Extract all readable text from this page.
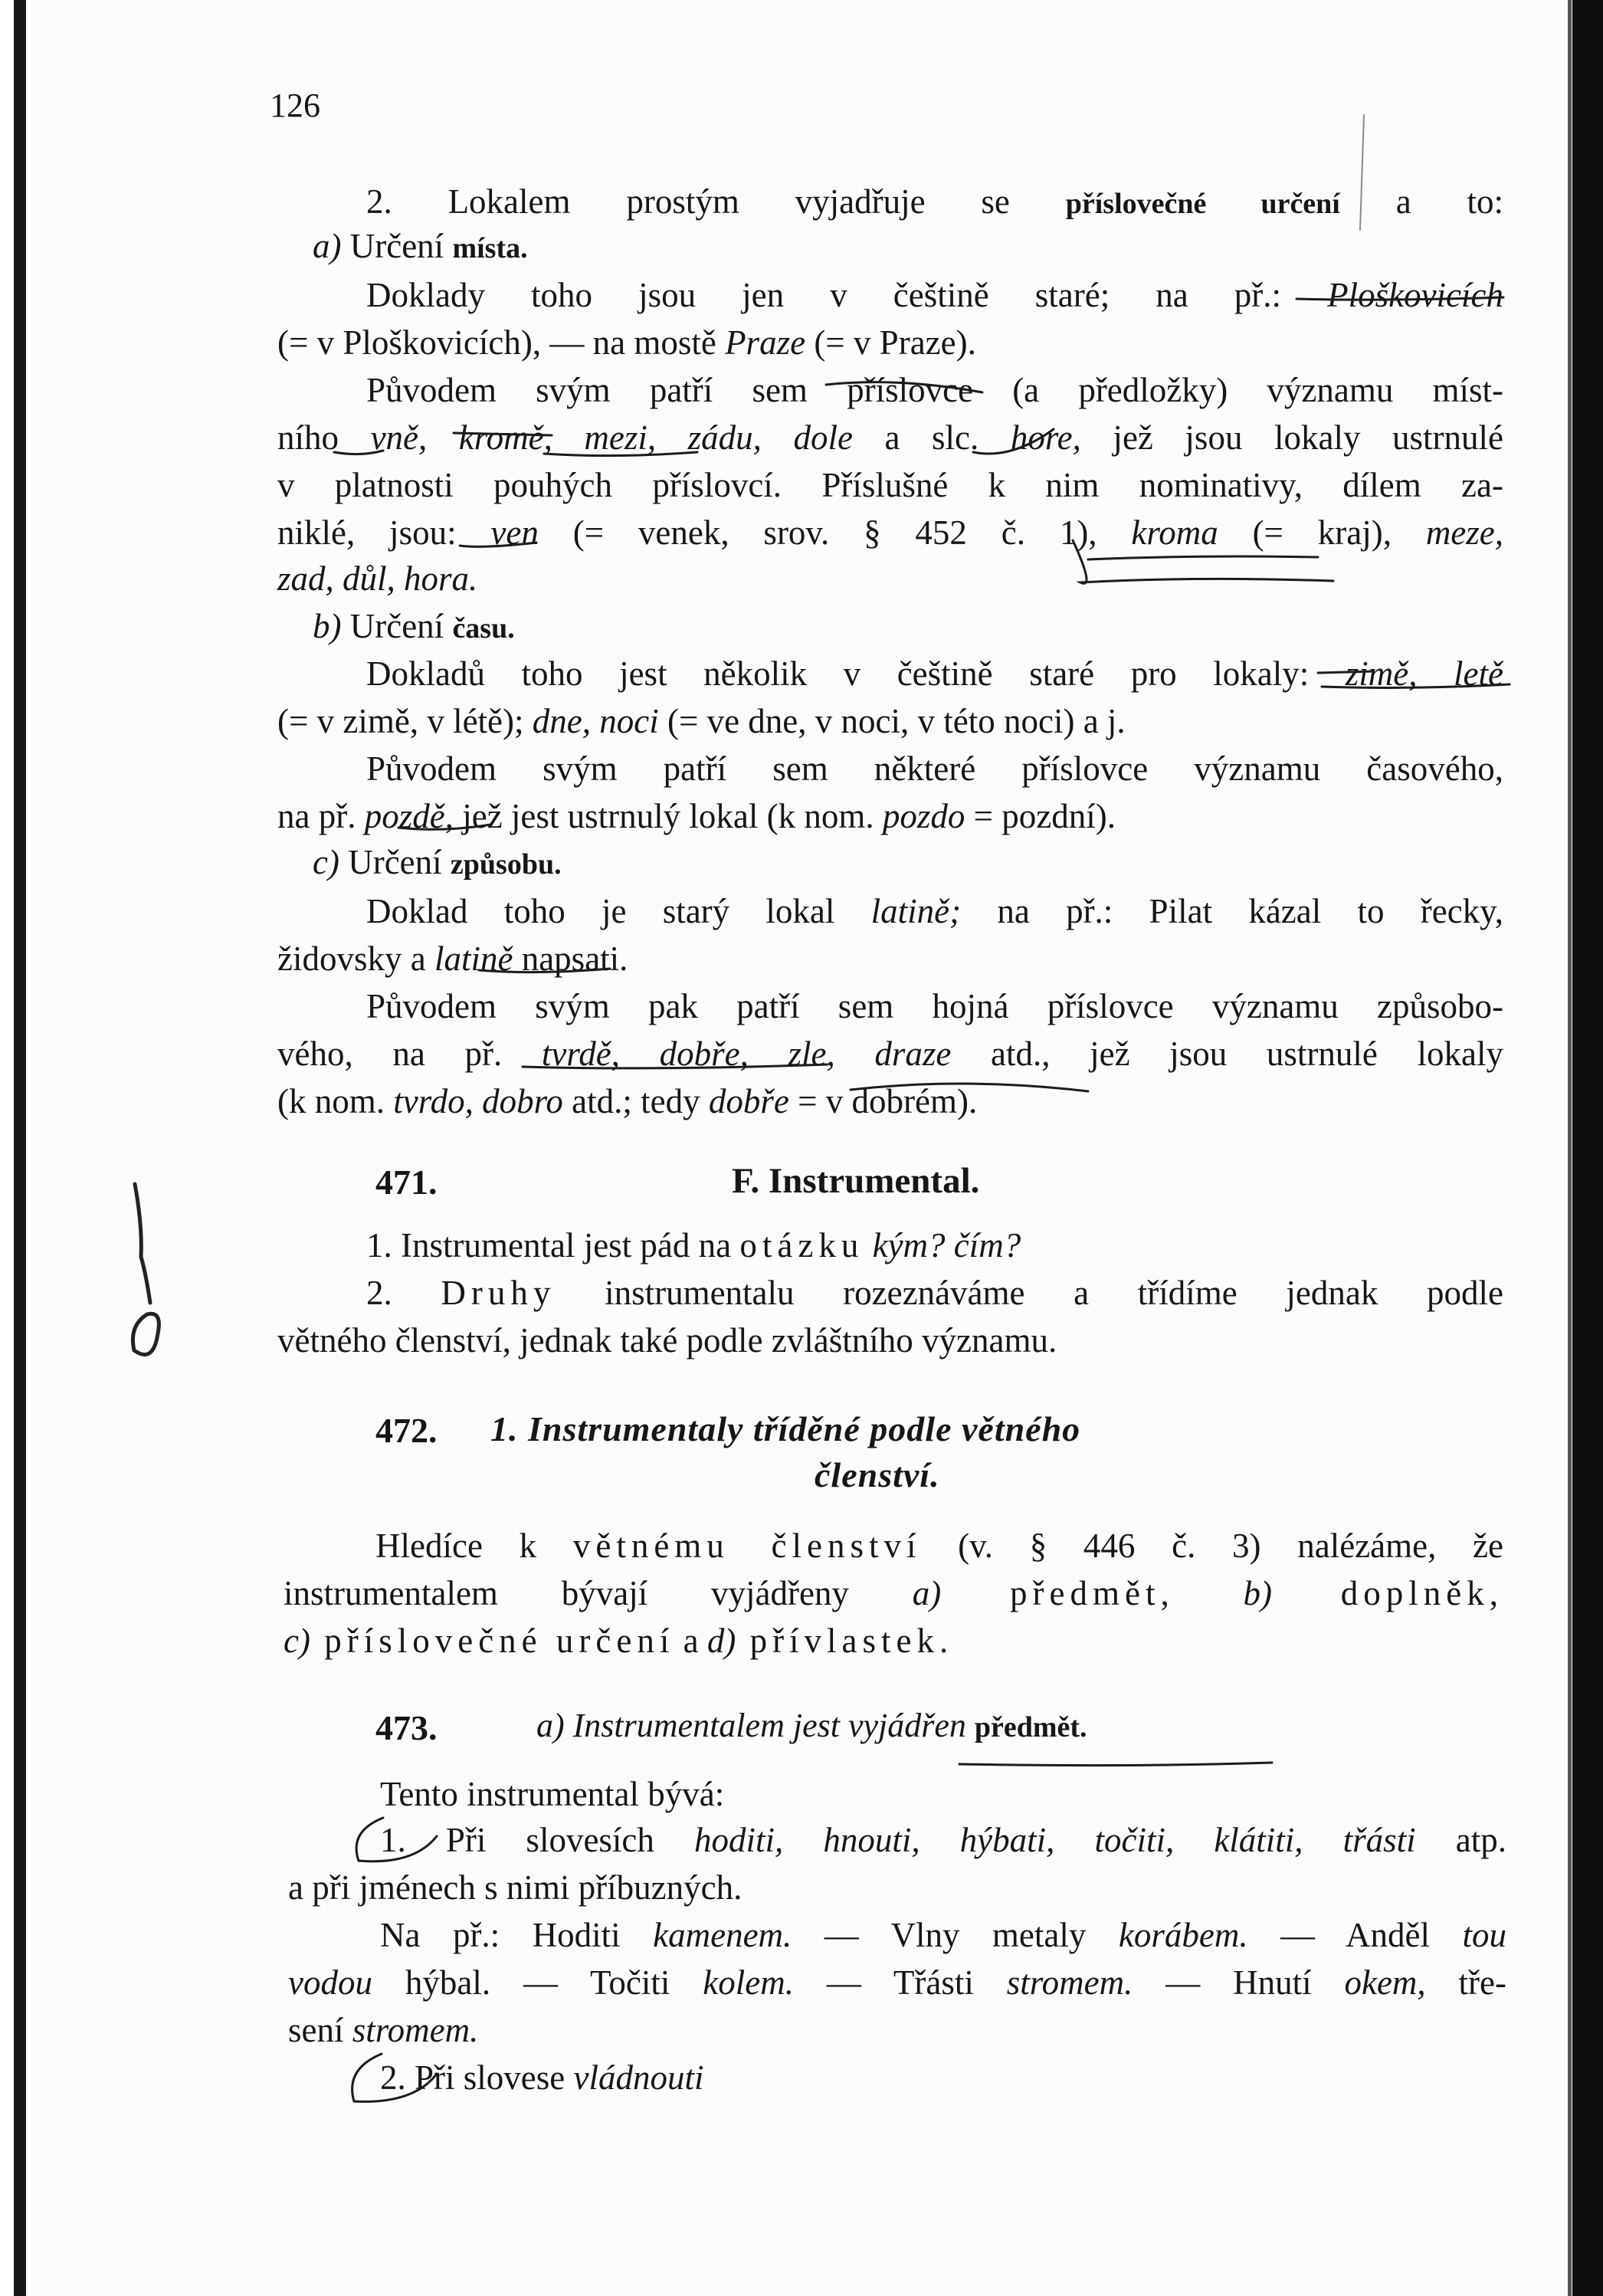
126
2. Lokalem prostým vyjadřuje se příslovečné určení a to:
a) Určení místa.
Doklady toho jsou jen v češtině staré; na př.: Ploškovicích
(= v Ploškovicích), — na mostě Praze (= v Praze).
Původem svým patří sem příslovce (a předložky) významu míst-
ního vně, kromě, mezi, zádu, dole a slc. hore, jež jsou lokaly ustrnulé
v platnosti pouhých příslovcí. Příslušné k nim nominativy, dílem za-
niklé, jsou: ven (= venek, srov. § 452 č. 1), kroma (= kraj), meze,
zad, důl, hora.
b) Určení času.
Dokladů toho jest několik v češtině staré pro lokaly: zimě, letě
(= v zimě, v létě); dne, noci (= ve dne, v noci, v této noci) a j.
Původem svým patří sem některé příslovce významu časového,
na př. pozdě, jež jest ustrnulý lokal (k nom. pozdo = pozdní).
c) Určení způsobu.
Doklad toho je starý lokal latině; na př.: Pilat kázal to řecky,
židovsky a latině napsati.
Původem svým pak patří sem hojná příslovce významu způsobo-
vého, na př. tvrdě, dobře, zle, draze atd., jež jsou ustrnulé lokaly
(k nom. tvrdo, dobro atd.; tedy dobře = v dobrém).
471.	F. Instrumental.
1. Instrumental jest pád na otázku kým? čím?
2. Druhy instrumentalu rozeznáváme a třídíme jednak podle
větného členství, jednak také podle zvláštního významu.
472. 1. Instrumentaly tříděné podle větného
členství.
Hledíce k větnému členství (v. § 446 č. 3) nalézáme, že
instrumentalem bývají vyjádřeny a) předmět, b) doplněk,
c) příslovečné určení a d) přívlastek.
473.	a) Instrumentalem jest vyjádřen předmět.
Tento instrumental bývá:
1. Při slovesích hoditi, hnouti, hýbati, točiti, klátiti, třásti atp.
a při jménech s nimi příbuzných.
Na př.: Hoditi kamenem. — Vlny metaly korábem. — Anděl tou
vodou hýbal. — Točiti kolem. — Třásti stromem. — Hnutí okem, tře-
sení stromem.
2. Při slovese vládnouti
